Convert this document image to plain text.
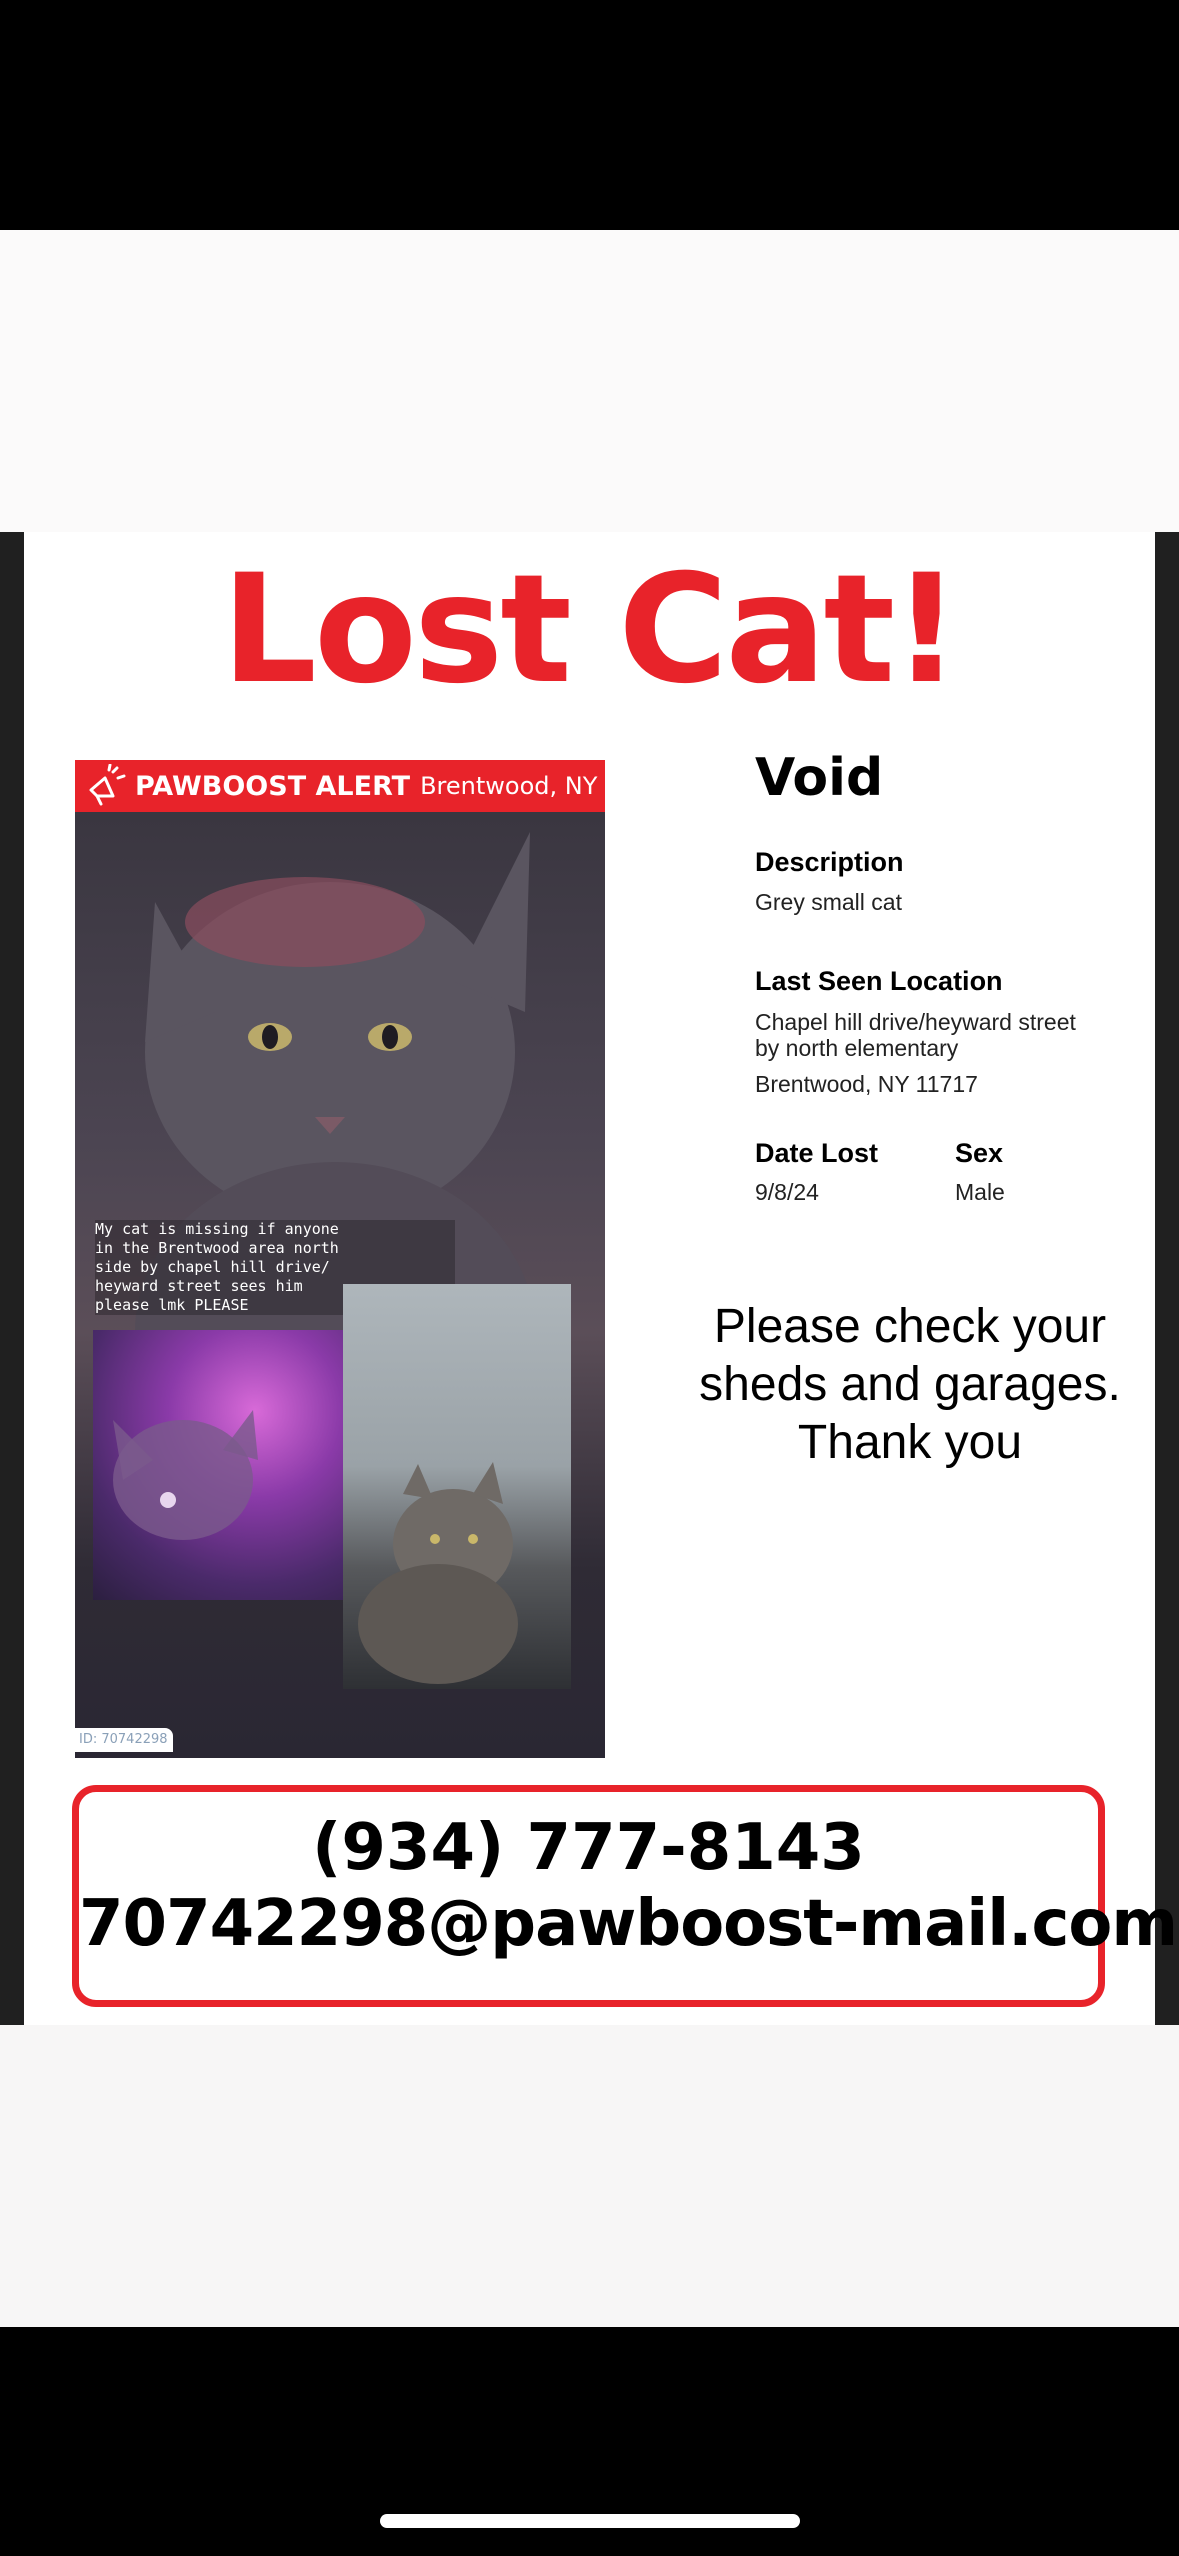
Lost Cat!
PAWBOOST ALERT Brentwood, NY
ID: 70742298
My cat is missing if anyone
in the Brentwood area north
side by chapel hill drive/
heyward street sees him
please lmk PLEASE
Void
Description
Grey small cat
Last Seen Location
Chapel hill drive/heyward street
by north elementary
Brentwood, NY 11717
Date Lost
9/8/24
Sex
Male
Please check your
sheds and garages.
Thank you
(934) 777-8143
70742298@pawboost-mail.com
